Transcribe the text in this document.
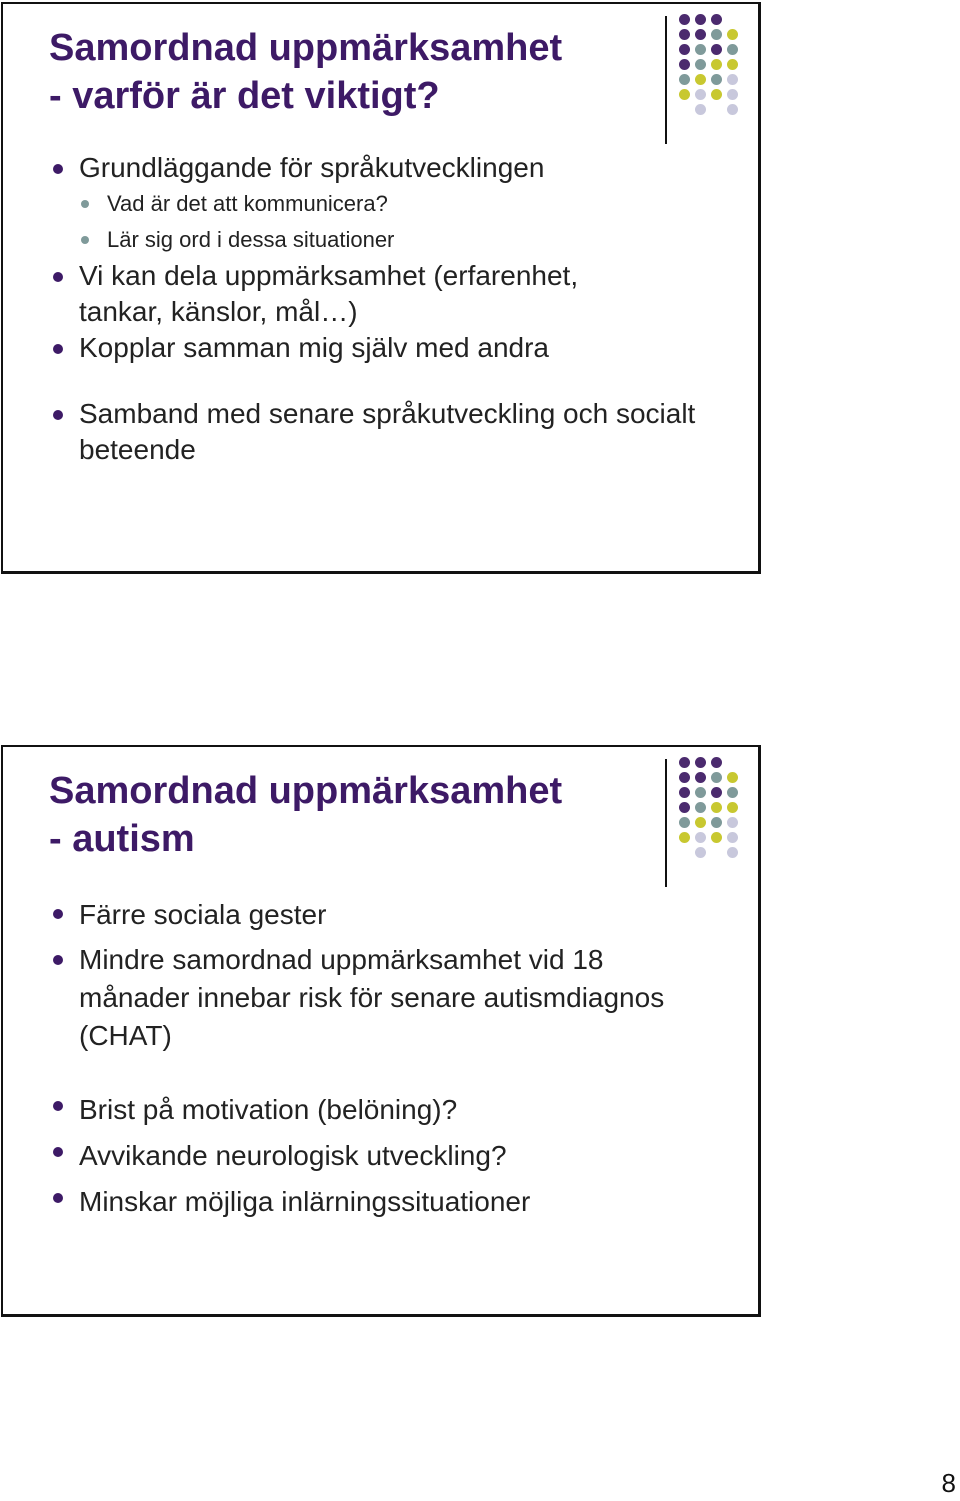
Samordnad uppmärksamhet
- varför är det viktigt?
Grundläggande för språkutvecklingen
Vad är det att kommunicera?
Lär sig ord i dessa situationer
Vi kan dela uppmärksamhet (erfarenhet, tankar, känslor, mål…)
Kopplar samman mig själv med andra
Samband med senare språkutveckling och socialt beteende
Samordnad uppmärksamhet
- autism
Färre sociala gester
Mindre samordnad uppmärksamhet vid 18 månader innebar risk för senare autismdiagnos (CHAT)
Brist på motivation (belöning)?
Avvikande neurologisk utveckling?
Minskar möjliga inlärningssituationer
8
